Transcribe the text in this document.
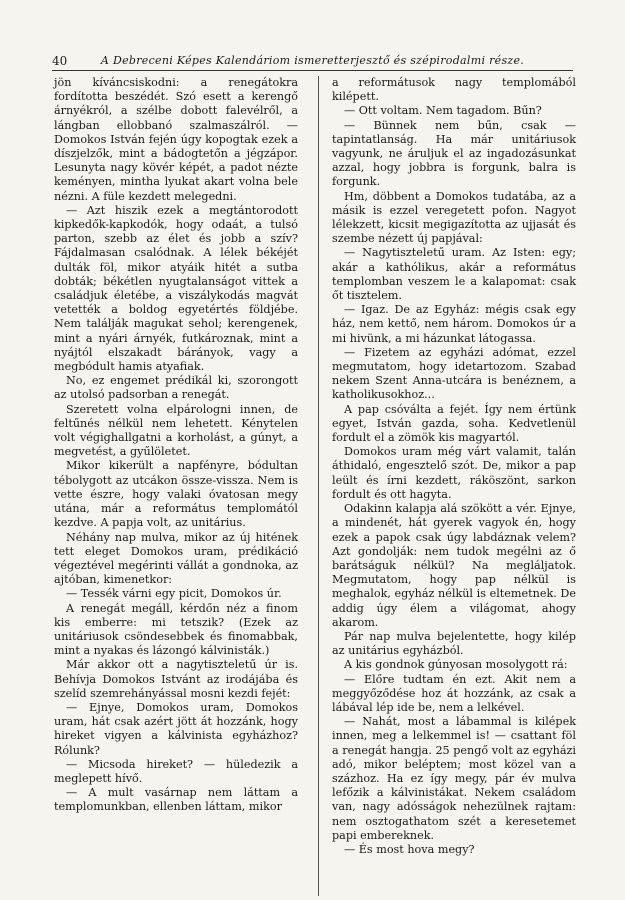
40	A Debreceni Képes Kalendáriom ismeretterjesztő és szépirodalmi része.

jön kíváncsiskodni: a renegátokra fordította beszédét. Szó esett a kerengő árnyékról, a szélbe dobott falevélről, a lángban ellobbanó szalmaszálról. — Domokos István fején úgy kopogtak ezek a díszjelzők, mint a bádogtetőn a jégzápor. Lesunyta nagy kövér képét, a padot nézte keményen, mintha lyukat akart volna bele nézni. A füle kezdett melegedni.

— Azt hiszik ezek a megtántorodott kipkedők-kapkodók, hogy odaát, a tulsó parton, szebb az élet és jobb a szív? Fájdalmasan csalódnak. A lélek békéjét dulták föl, mikor atyáik hitét a sutba dobták; békétlen nyugtalanságot vittek a családjuk életébe, a viszálykodás magvát vetették a boldog egyetértés földjébe. Nem találják magukat sehol; kerengenek, mint a nyári árnyék, futkároznak, mint a nyájtól elszakadt bárányok, vagy a megbódult hamis atyafiak.

No, ez engemet prédikál ki, szorongott az utolsó padsorban a renegát.

Szeretett volna elpárologni innen, de feltűnés nélkül nem lehetett. Kénytelen volt végighallgatni a korholást, a gúnyt, a megvetést, a gyűlöletet.

Mikor kikerült a napfényre, bódultan tébolygott az utcákon össze-vissza. Nem is vette észre, hogy valaki óvatosan megy utána, már a református templomától kezdve. A papja volt, az unitárius.

Néhány nap mulva, mikor az új hitének tett eleget Domokos uram, prédikáció végeztével megérinti vállát a gondnoka, az ajtóban, kimenetkor:

— Tessék várni egy picit, Domokos úr.

A renegát megáll, kérdőn néz a finom kis emberre: mi tetszik? (Ezek az unitáriusok csöndesebbek és finomabbak, mint a nyakas és lázongó kálvinisták.)

Már akkor ott a nagytiszteletű úr is. Behívja Domokos Istvánt az irodájába és szelíd szemrehányással mosni kezdi fejét:

— Ejnye, Domokos uram, Domokos uram, hát csak azért jött át hozzánk, hogy hireket vigyen a kálvinista egyházhoz? Rólunk?

— Micsoda hireket? — hüledezik a meglepett hívő.

— A mult vasárnap nem láttam a templomunkban, ellenben láttam, mikor

a reformátusok nagy templomából kilépett.

— Ott voltam. Nem tagadom. Bűn?

— Bünnek nem bűn, csak — tapintatlanság. Ha már unitáriusok vagyunk, ne áruljuk el az ingadozásunkat azzal, hogy jobbra is forgunk, balra is forgunk.

Hm, döbbent a Domokos tudatába, az a másik is ezzel veregetett pofon. Nagyot lélekzett, kicsit megigazította az ujjasát és szembe nézett új papjával:

— Nagytiszteletű uram. Az Isten: egy; akár a kathólikus, akár a református templomban veszem le a kalapomat: csak őt tisztelem.

— Igaz. De az Egyház: mégis csak egy ház, nem kettő, nem három. Domokos úr a mi hivünk, a mi házunkat látogassa.

— Fizetem az egyházi adómat, ezzel megmutatom, hogy idetartozom. Szabad nekem Szent Anna-utcára is benéznem, a katholikusokhoz...

A pap csóválta a fejét. Így nem értünk egyet, István gazda, soha. Kedvetlenül fordult el a zömök kis magyartól.

Domokos uram még várt valamit, talán áthidaló, engesztelő szót. De, mikor a pap leült és írni kezdett, ráköszönt, sarkon fordult és ott hagyta.

Odakinn kalapja alá szökött a vér. Ejnye, a mindenét, hát gyerek vagyok én, hogy ezek a papok csak úgy labdáznak velem? Azt gondolják: nem tudok megélni az ő barátságuk nélkül? Na megláljatok. Megmutatom, hogy pap nélkül is meghalok, egyház nélkül is eltemetnek. De addig úgy élem a világomat, ahogy akarom.

Pár nap mulva bejelentette, hogy kilép az unitárius egyházból.

A kis gondnok gúnyosan mosolygott rá:

— Előre tudtam én ezt. Akit nem a meggyőződése hoz át hozzánk, az csak a lábával lép ide be, nem a lelkével.

— Nahát, most a lábammal is kilépek innen, meg a lelkemmel is! — csattant föl a renegát hangja. 25 pengő volt az egyházi adó, mikor beléptem; most közel van a százhoz. Ha ez így megy, pár év mulva lefőzik a kálvinistákat. Nekem családom van, nagy adósságok nehezülnek rajtam: nem osztogathatom szét a keresetemet papi embereknek.

— És most hova megy?
